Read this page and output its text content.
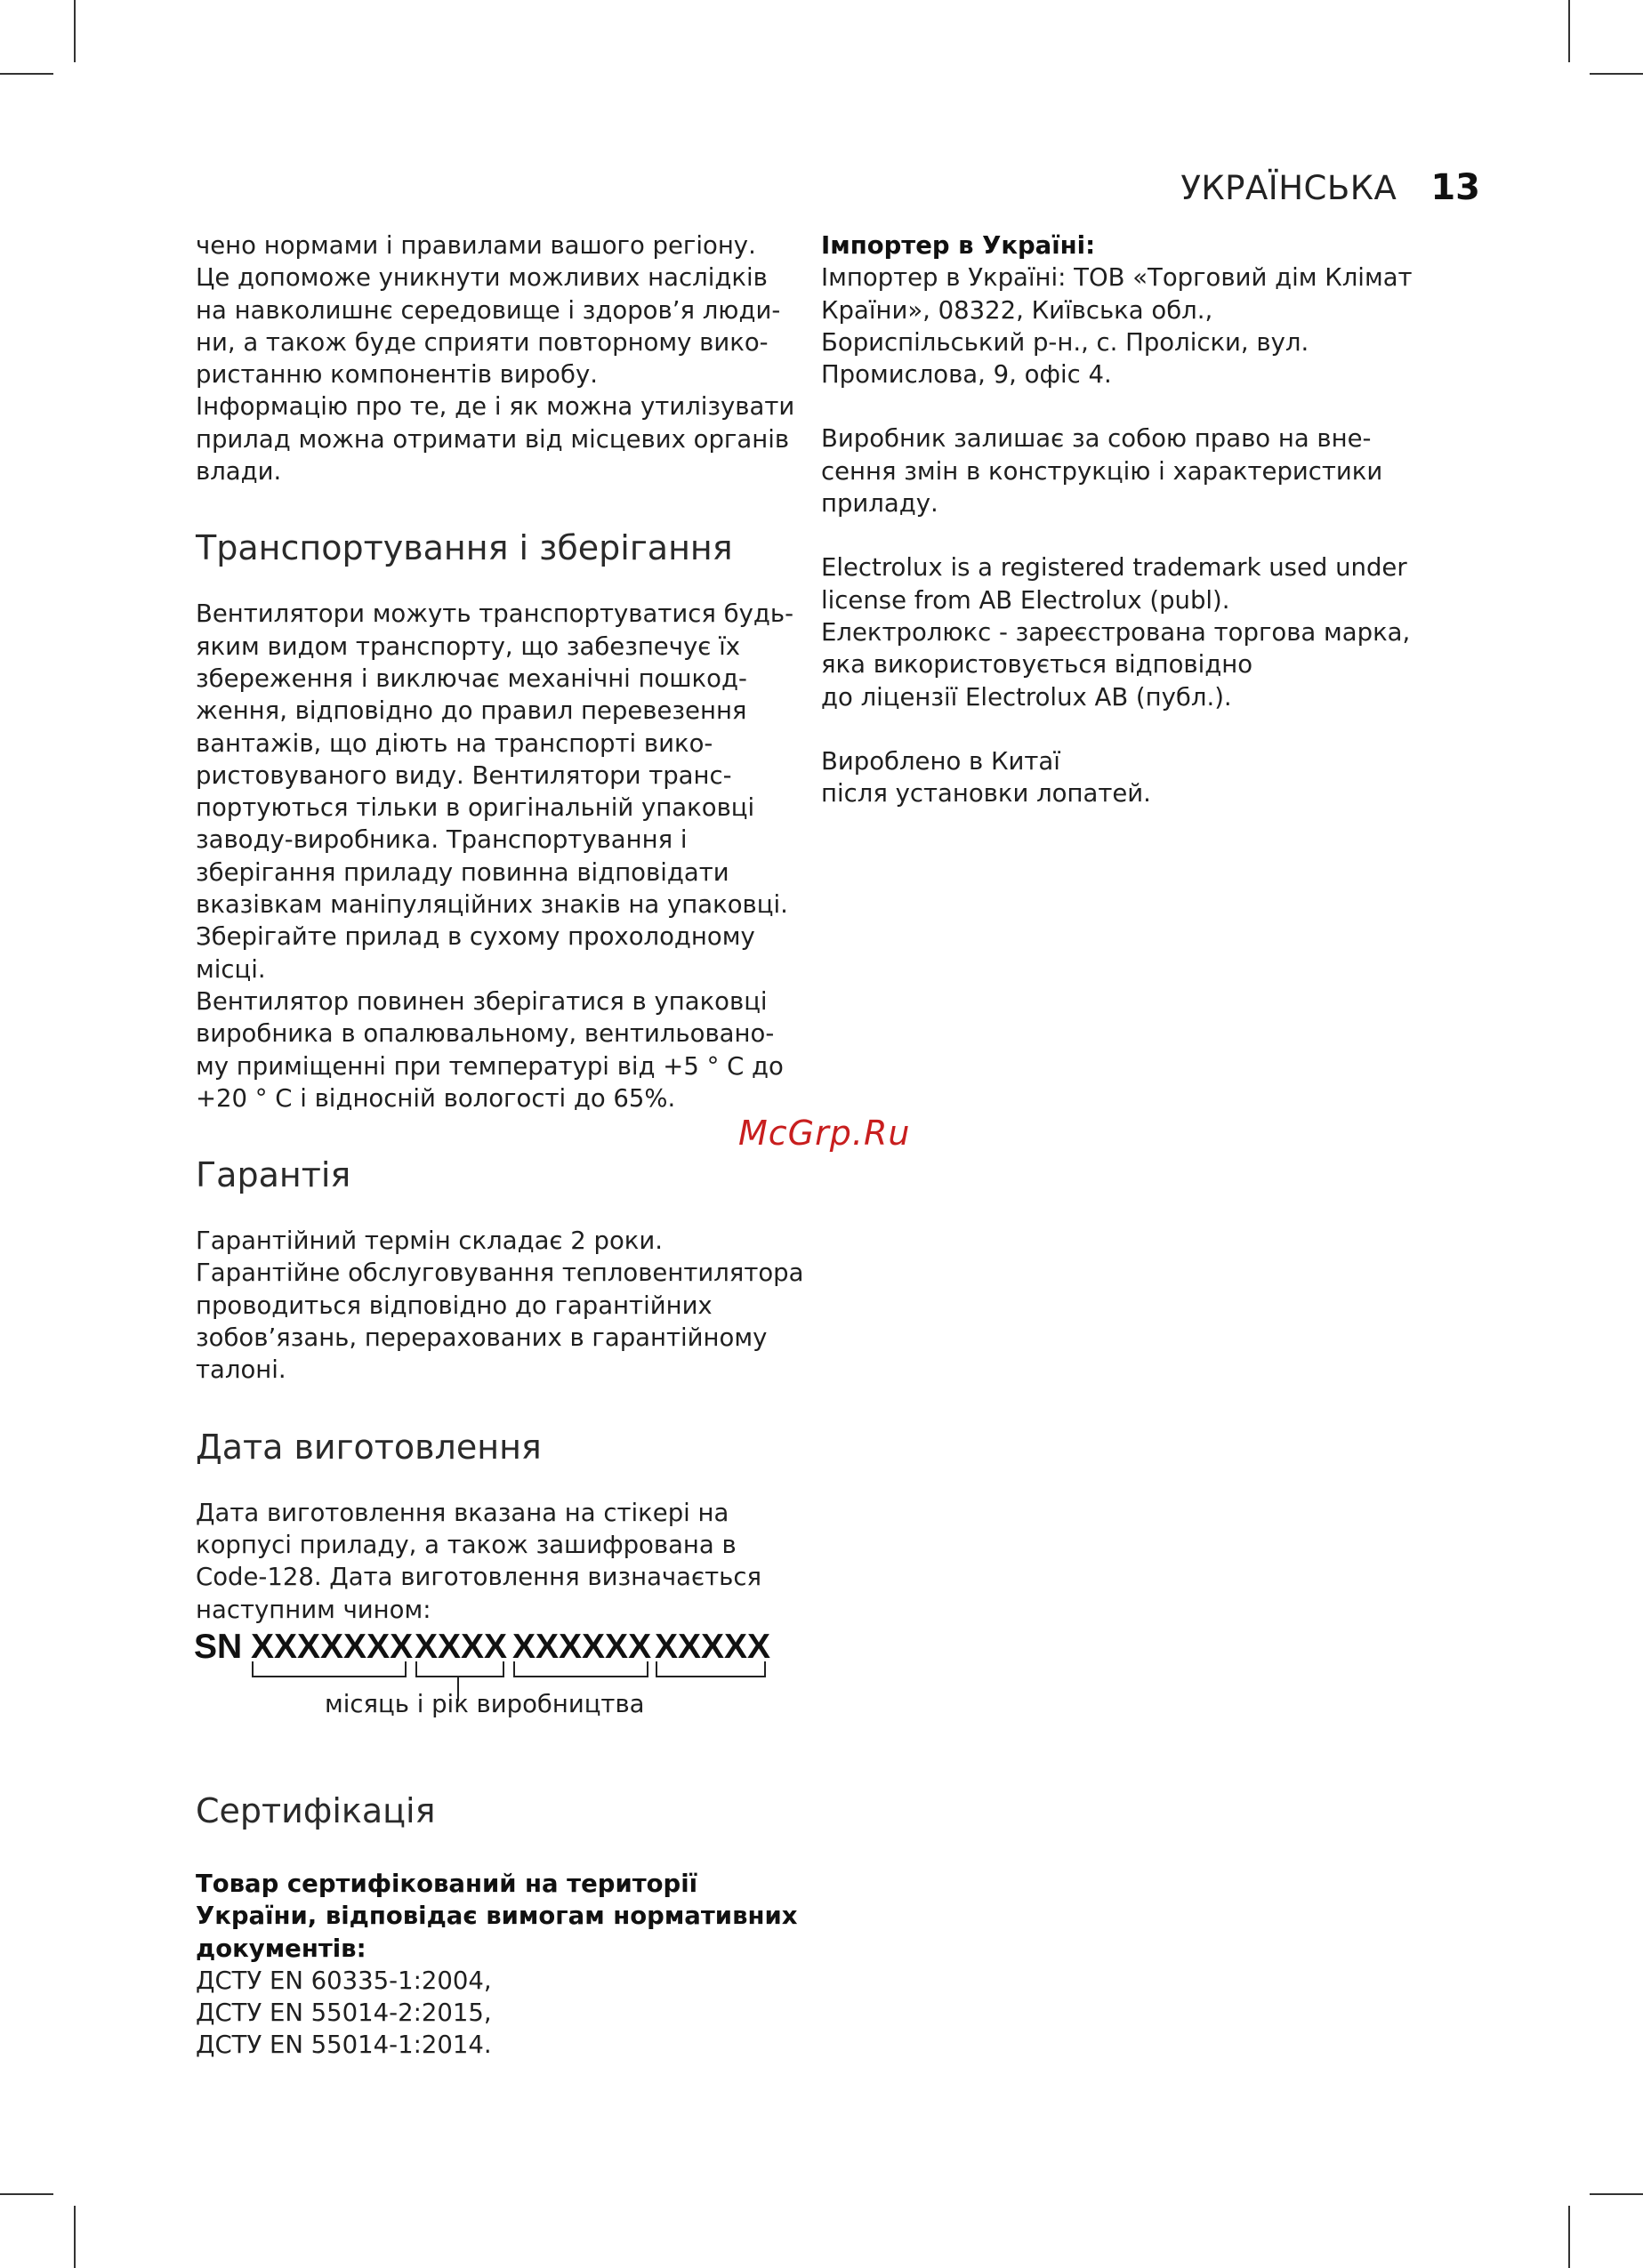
УКРАЇНСЬКА 13

чено нормами і правилами вашого регіону.
Це допоможе уникнути можливих наслідків
на навколишнє середовище і здоров’я люди-
ни, а також буде сприяти повторному вико-
ристанню компонентів виробу.
Інформацію про те, де і як можна утилізувати
прилад можна отримати від місцевих органів
влади.

Транспортування і зберігання

Вентилятори можуть транспортуватися будь-
яким видом транспорту, що забезпечує їх
збереження і виключає механічні пошкод-
ження, відповідно до правил перевезення
вантажів, що діють на транспорті вико-
ристовуваного виду. Вентилятори транс-
портуються тільки в оригінальній упаковці
заводу-виробника. Транспортування і
зберігання приладу повинна відповідати
вказівкам маніпуляційних знаків на упаковці.
Зберігайте прилад в сухому прохолодному
місці.
Вентилятор повинен зберігатися в упаковці
виробника в опалювальному, вентильовано-
му приміщенні при температурі від +5 ° С до
+20 ° С і відносній вологості до 65%.

Гарантія

Гарантійний термін складає 2 роки.
Гарантійне обслуговування тепловентилятора
проводиться відповідно до гарантійних
зобов’язань, перерахованих в гарантійному
талоні.

Дата виготовлення

Дата виготовлення вказана на стікері на
корпусі приладу, а також зашифрована в
Code-128. Дата виготовлення визначається
наступним чином:

SN XXXXXXX XXXX XXXXXX XXXXX
місяць і рік виробництва
Сертифікація

Товар сертифікований на території
України, відповідає вимогам нормативних
документів:

ДСТУ EN 60335-1:2004,
ДСТУ EN 55014-2:2015,
ДСТУ EN 55014-1:2014.

Імпортер в Україні:
Імпортер в Україні: ТОВ «Торговий дім Клімат
Країни», 08322, Київська обл.,
Бориспільський р-н., с. Пролiски, вул.
Промислова, 9, офіс 4.

Виробник залишає за собою право на вне-
сення змін в конструкцію і характеристики
приладу.

Electrolux is a registered trademark used under
license from AB Electrolux (publ).
Електролюкс - зареєстрована торгова марка,
яка використовується відповідно
до ліцензії Electrolux AB (публ.).

Вироблено в Китаї
після установки лопатей.

McGrp.Ru
